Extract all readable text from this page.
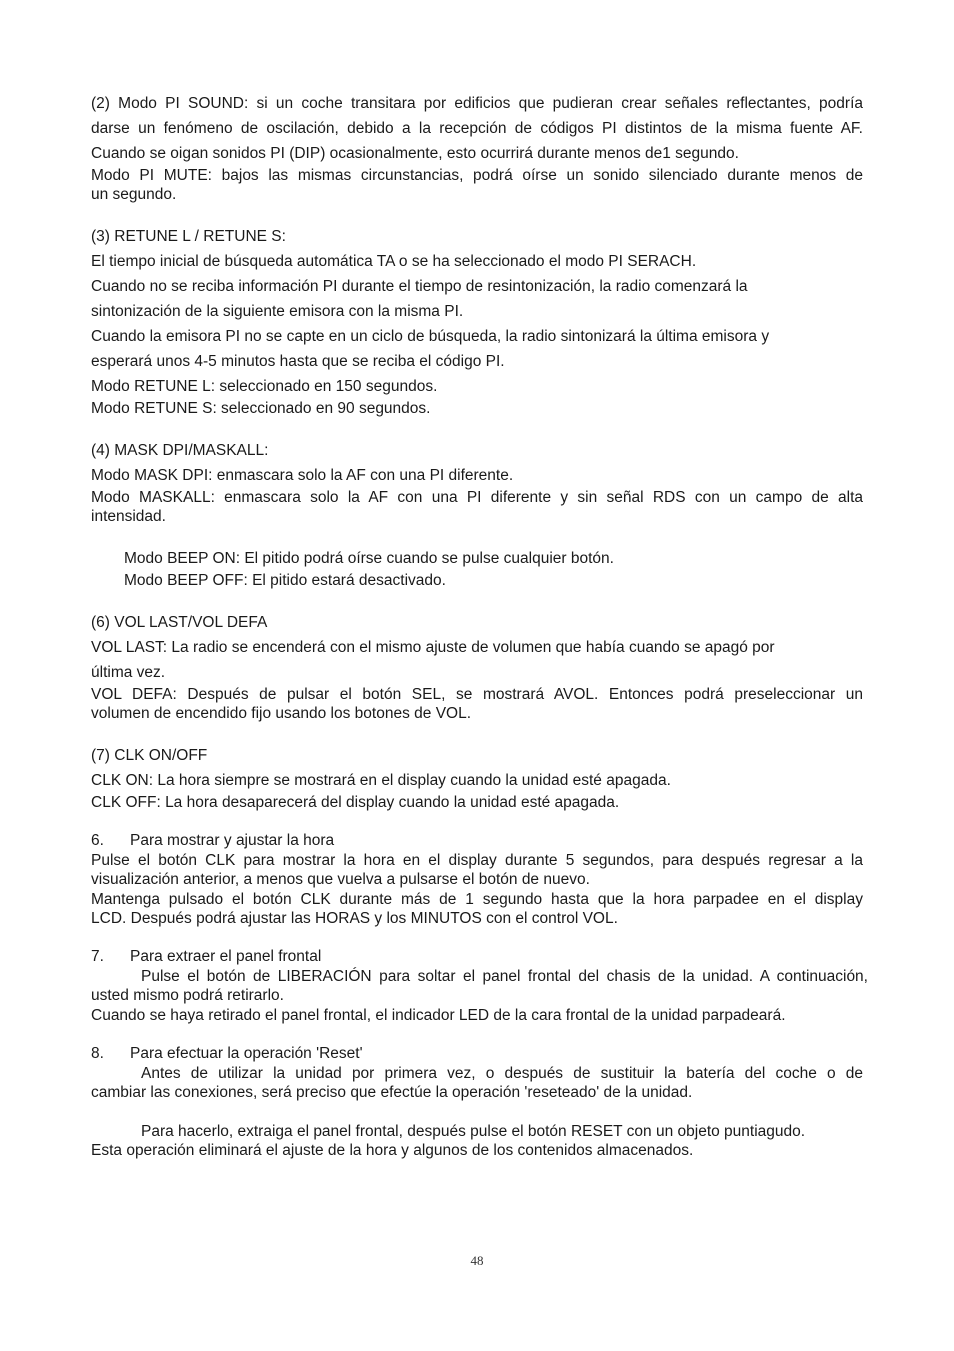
(2) Modo PI SOUND: si un coche transitara por edificios que pudieran crear señales reflectantes, podría
darse un fenómeno de oscilación, debido a la recepción de códigos PI distintos de la misma fuente AF.
Cuando se oigan sonidos PI (DIP) ocasionalmente, esto ocurrirá durante menos de1 segundo.
Modo PI MUTE: bajos las mismas circunstancias, podrá oírse un sonido silenciado durante menos de
un segundo.
(3) RETUNE L / RETUNE S:
El tiempo inicial de búsqueda automática TA o se ha seleccionado el modo PI SERACH.
Cuando no se reciba información PI durante el tiempo de resintonización, la radio comenzará la
sintonización de la siguiente emisora con la misma PI.
Cuando la emisora PI no se capte en un ciclo de búsqueda, la radio sintonizará la última emisora y
esperará unos 4-5 minutos hasta que se reciba el código PI.
Modo RETUNE L: seleccionado en 150 segundos.
Modo RETUNE S: seleccionado en 90 segundos.
(4) MASK DPI/MASKALL:
Modo MASK DPI: enmascara solo la AF con una PI diferente.
Modo MASKALL: enmascara solo la AF con una PI diferente y sin señal RDS con un campo de alta
intensidad.
Modo BEEP ON: El pitido podrá oírse cuando se pulse cualquier botón.
Modo BEEP OFF: El pitido estará desactivado.
(6) VOL LAST/VOL DEFA
VOL LAST: La radio se encenderá con el mismo ajuste de volumen que había cuando se apagó por
última vez.
VOL DEFA: Después de pulsar el botón SEL, se mostrará AVOL. Entonces podrá preseleccionar un
volumen de encendido fijo usando los botones de VOL.
(7) CLK ON/OFF
CLK ON: La hora siempre se mostrará en el display cuando la unidad esté apagada.
CLK OFF: La hora desaparecerá del display cuando la unidad esté apagada.
6. Para mostrar y ajustar la hora
Pulse el botón CLK para mostrar la hora en el display durante 5 segundos, para después regresar a la
visualización anterior, a menos que vuelva a pulsarse el botón de nuevo.
Mantenga pulsado el botón CLK durante más de 1 segundo hasta que la hora parpadee en el display
LCD. Después podrá ajustar las HORAS y los MINUTOS con el control VOL.
7. Para extraer el panel frontal
Pulse el botón de LIBERACIÓN para soltar el panel frontal del chasis de la unidad. A continuación,
usted mismo podrá retirarlo.
Cuando se haya retirado el panel frontal, el indicador LED de la cara frontal de la unidad parpadeará.
8. Para efectuar la operación 'Reset'
Antes de utilizar la unidad por primera vez, o después de sustituir la batería del coche o de
cambiar las conexiones, será preciso que efectúe la operación 'reseteado' de la unidad.
Para hacerlo, extraiga el panel frontal, después pulse el botón RESET con un objeto puntiagudo.
Esta operación eliminará el ajuste de la hora y algunos de los contenidos almacenados.
48
